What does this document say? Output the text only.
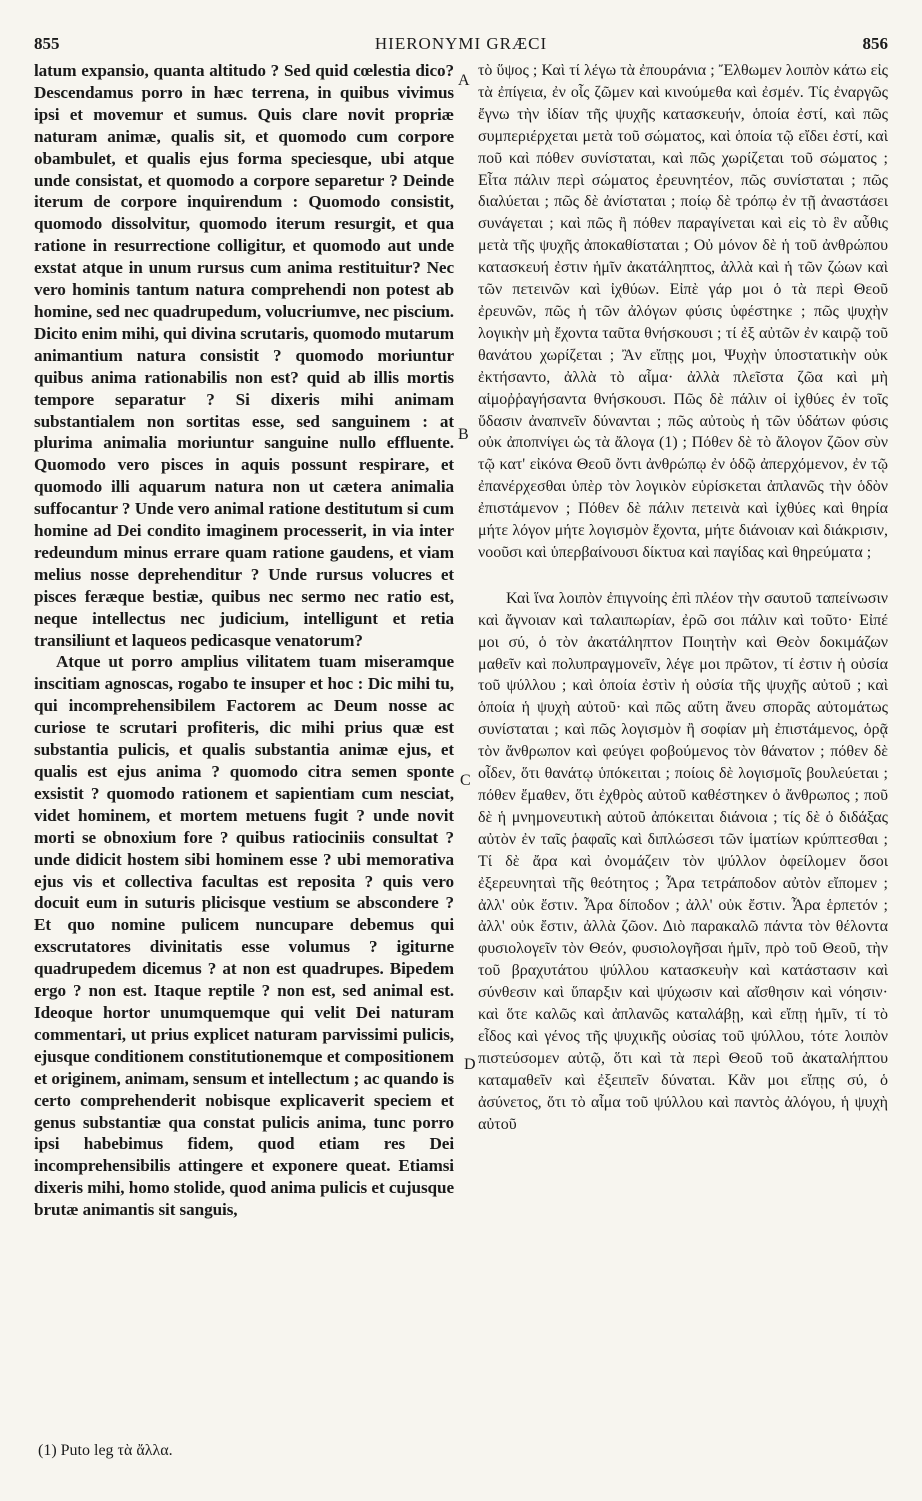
855	HIERONYMI GRÆCI	856

latum expansio, quanta altitudo ? Sed quid cœlestia dico? Descendamus porro in hæc terrena, in quibus vivimus ipsi et movemur et sumus. Quis clare novit propriæ naturam animæ, qualis sit, et quomodo cum corpore obambulet, et qualis ejus forma speciesque, ubi atque unde consistat, et quomodo a corpore separetur ? Deinde iterum de corpore inquirendum : Quomodo consistit, quomodo dissolvitur, quomodo iterum resurgit, et qua ratione in resurrectione colligitur, et quomodo aut unde exstat atque in unum rursus cum anima restituitur? Nec vero hominis tantum natura comprehendi non potest ab homine, sed nec quadrupedum, volucriumve, nec piscium. Dicito enim mihi, qui divina scrutaris, quomodo mutarum animantium natura consistit ? quomodo moriuntur quibus anima rationabilis non est? quid ab illis mortis tempore separatur ? Si dixeris mihi animam substantialem non sortitas esse, sed sanguinem : at plurima animalia moriuntur sanguine nullo effluente. Quomodo vero pisces in aquis possunt respirare, et quomodo illi aquarum natura non ut cætera animalia suffocantur ? Unde vero animal ratione destitutum si cum homine ad Dei condito imaginem processerit, in via inter redeundum minus errare quam ratione gaudens, et viam melius nosse deprehenditur ? Unde rursus volucres et pisces feræque bestiæ, quibus nec sermo nec ratio est, neque intellectus nec judicium, intelligunt et retia transiliunt et laqueos pedicasque venatorum?

Atque ut porro amplius vilitatem tuam miseramque inscitiam agnoscas, rogabo te insuper et hoc : Dic mihi tu, qui incomprehensibilem Factorem ac Deum nosse ac curiose te scrutari profiteris, dic mihi prius quæ est substantia pulicis, et qualis substantia animæ ejus, et qualis est ejus anima ? quomodo citra semen sponte exsistit ? quomodo rationem et sapientiam cum nesciat, videt hominem, et mortem metuens fugit ? unde novit morti se obnoxium fore ? quibus ratiociniis consultat ? unde didicit hostem sibi hominem esse ? ubi memorativa ejus vis et collectiva facultas est reposita ? quis vero docuit eum in suturis plicisque vestium se abscondere ? Et quo nomine pulicem nuncupare debemus qui exscrutatores divinitatis esse volumus ? igiturne quadrupedem dicemus ? at non est quadrupes. Bipedem ergo ? non est. Itaque reptile ? non est, sed animal est. Ideoque hortor unumquemque qui velit Dei naturam commentari, ut prius explicet naturam parvissimi pulicis, ejusque conditionem constitutionemque et compositionem et originem, animam, sensum et intellectum ; ac quando is certo comprehenderit nobisque explicaverit speciem et genus substantiæ qua constat pulicis anima, tunc porro ipsi habebimus fidem, quod etiam res Dei incomprehensibilis attingere et exponere queat. Etiamsi dixeris mihi, homo stolide, quod anima pulicis et cujusque brutæ animantis sit sanguis,

A
B
C
D

τὸ ὕψος ; Καὶ τί λέγω τὰ ἐπουράνια ; Ἔλθωμεν λοιπὸν κάτω εἰς τὰ ἐπίγεια, ἐν οἷς ζῶμεν καὶ κινούμεθα καὶ ἐσμέν. Τίς ἐναργῶς ἔγνω τὴν ἰδίαν τῆς ψυχῆς κατασκευήν, ὁποία ἐστί, καὶ πῶς συμπεριέρχεται μετὰ τοῦ σώματος, καὶ ὁποία τῷ εἴδει ἐστί, καὶ ποῦ καὶ πόθεν συνίσταται, καὶ πῶς χωρίζεται τοῦ σώματος ; Εἶτα πάλιν περὶ σώματος ἐρευνητέον, πῶς συνίσταται ; πῶς διαλύεται ; πῶς δὲ ἀνίσταται ; ποίῳ δὲ τρόπῳ ἐν τῇ ἀναστάσει συνάγεται ; καὶ πῶς ἢ πόθεν παραγίνεται καὶ εἰς τὸ ἓν αὖθις μετὰ τῆς ψυχῆς ἀποκαθίσταται ; Οὐ μόνον δὲ ἡ τοῦ ἀνθρώπου κατασκευή ἐστιν ἡμῖν ἀκατάληπτος, ἀλλὰ καὶ ἡ τῶν ζώων καὶ τῶν πετεινῶν καὶ ἰχθύων. Εἰπὲ γάρ μοι ὁ τὰ περὶ Θεοῦ ἐρευνῶν, πῶς ἡ τῶν ἀλόγων φύσις ὑφέστηκε ; πῶς ψυχὴν λογικὴν μὴ ἔχοντα ταῦτα θνήσκουσι ; τί ἐξ αὐτῶν ἐν καιρῷ τοῦ θανάτου χωρίζεται ; Ἂν εἴπῃς μοι, Ψυχὴν ὑποστατικὴν οὐκ ἐκτήσαντο, ἀλλὰ τὸ αἷμα· ἀλλὰ πλεῖστα ζῶα καὶ μὴ αἱμοῤῥαγήσαντα θνήσκουσι. Πῶς δὲ πάλιν οἱ ἰχθύες ἐν τοῖς ὕδασιν ἀναπνεῖν δύνανται ; πῶς αὐτοὺς ἡ τῶν ὑδάτων φύσις οὐκ ἀποπνίγει ὡς τὰ ἄλογα (1) ; Πόθεν δὲ τὸ ἄλογον ζῶον σὺν τῷ κατ' εἰκόνα Θεοῦ ὄντι ἀνθρώπῳ ἐν ὁδῷ ἀπερχόμενον, ἐν τῷ ἐπανέρχεσθαι ὑπὲρ τὸν λογικὸν εὑρίσκεται ἀπλανῶς τὴν ὁδὸν ἐπιστάμενον ; Πόθεν δὲ πάλιν πετεινὰ καὶ ἰχθύες καὶ θηρία μήτε λόγον μήτε λογισμὸν ἔχοντα, μήτε διάνοιαν καὶ διάκρισιν, νοοῦσι καὶ ὑπερβαίνουσι δίκτυα καὶ παγίδας καὶ θηρεύματα ;

Καὶ ἵνα λοιπὸν ἐπιγνοίης ἐπὶ πλέον τὴν σαυτοῦ ταπείνωσιν καὶ ἄγνοιαν καὶ ταλαιπωρίαν, ἐρῶ σοι πάλιν καὶ τοῦτο· Εἰπέ μοι σύ, ὁ τὸν ἀκατάληπτον Ποιητὴν καὶ Θεὸν δοκιμάζων μαθεῖν καὶ πολυπραγμονεῖν, λέγε μοι πρῶτον, τί ἐστιν ἡ οὐσία τοῦ ψύλλου ; καὶ ὁποία ἐστὶν ἡ οὐσία τῆς ψυχῆς αὐτοῦ ; καὶ ὁποία ἡ ψυχὴ αὐτοῦ· καὶ πῶς αὕτη ἄνευ σπορᾶς αὐτομάτως συνίσταται ; καὶ πῶς λογισμὸν ἢ σοφίαν μὴ ἐπιστάμενος, ὁρᾷ τὸν ἄνθρωπον καὶ φεύγει φοβούμενος τὸν θάνατον ; πόθεν δὲ οἶδεν, ὅτι θανάτῳ ὑπόκειται ; ποίοις δὲ λογισμοῖς βουλεύεται ; πόθεν ἔμαθεν, ὅτι ἐχθρὸς αὐτοῦ καθέστηκεν ὁ ἄνθρωπος ; ποῦ δὲ ἡ μνημονευτικὴ αὐτοῦ ἀπόκειται διάνοια ; τίς δὲ ὁ διδάξας αὐτὸν ἐν ταῖς ῥαφαῖς καὶ διπλώσεσι τῶν ἱματίων κρύπτεσθαι ; Τί δὲ ἄρα καὶ ὀνομάζειν τὸν ψύλλον ὀφείλομεν ὅσοι ἐξερευνηταὶ τῆς θεότητος ; Ἆρα τετράποδον αὐτὸν εἴπομεν ; ἀλλ' οὐκ ἔστιν. Ἆρα δίποδον ; ἀλλ' οὐκ ἔστιν. Ἆρα ἑρπετόν ; ἀλλ' οὐκ ἔστιν, ἀλλὰ ζῶον. Διὸ παρακαλῶ πάντα τὸν θέλοντα φυσιολογεῖν τὸν Θεόν, φυσιολογῆσαι ἡμῖν, πρὸ τοῦ Θεοῦ, τὴν τοῦ βραχυτάτου ψύλλου κατασκευὴν καὶ κατάστασιν καὶ σύνθεσιν καὶ ὕπαρξιν καὶ ψύχωσιν καὶ αἴσθησιν καὶ νόησιν· καὶ ὅτε καλῶς καὶ ἀπλανῶς καταλάβῃ, καὶ εἴπῃ ἡμῖν, τί τὸ εἶδος καὶ γένος τῆς ψυχικῆς οὐσίας τοῦ ψύλλου, τότε λοιπὸν πιστεύσομεν αὐτῷ, ὅτι καὶ τὰ περὶ Θεοῦ τοῦ ἀκαταλήπτου καταμαθεῖν καὶ ἐξειπεῖν δύναται. Κἂν μοι εἴπῃς σύ, ὁ ἀσύνετος, ὅτι τὸ αἷμα τοῦ ψύλλου καὶ παντὸς ἀλόγου, ἡ ψυχὴ αὐτοῦ

(1) Puto leg τὰ ἄλλα.
